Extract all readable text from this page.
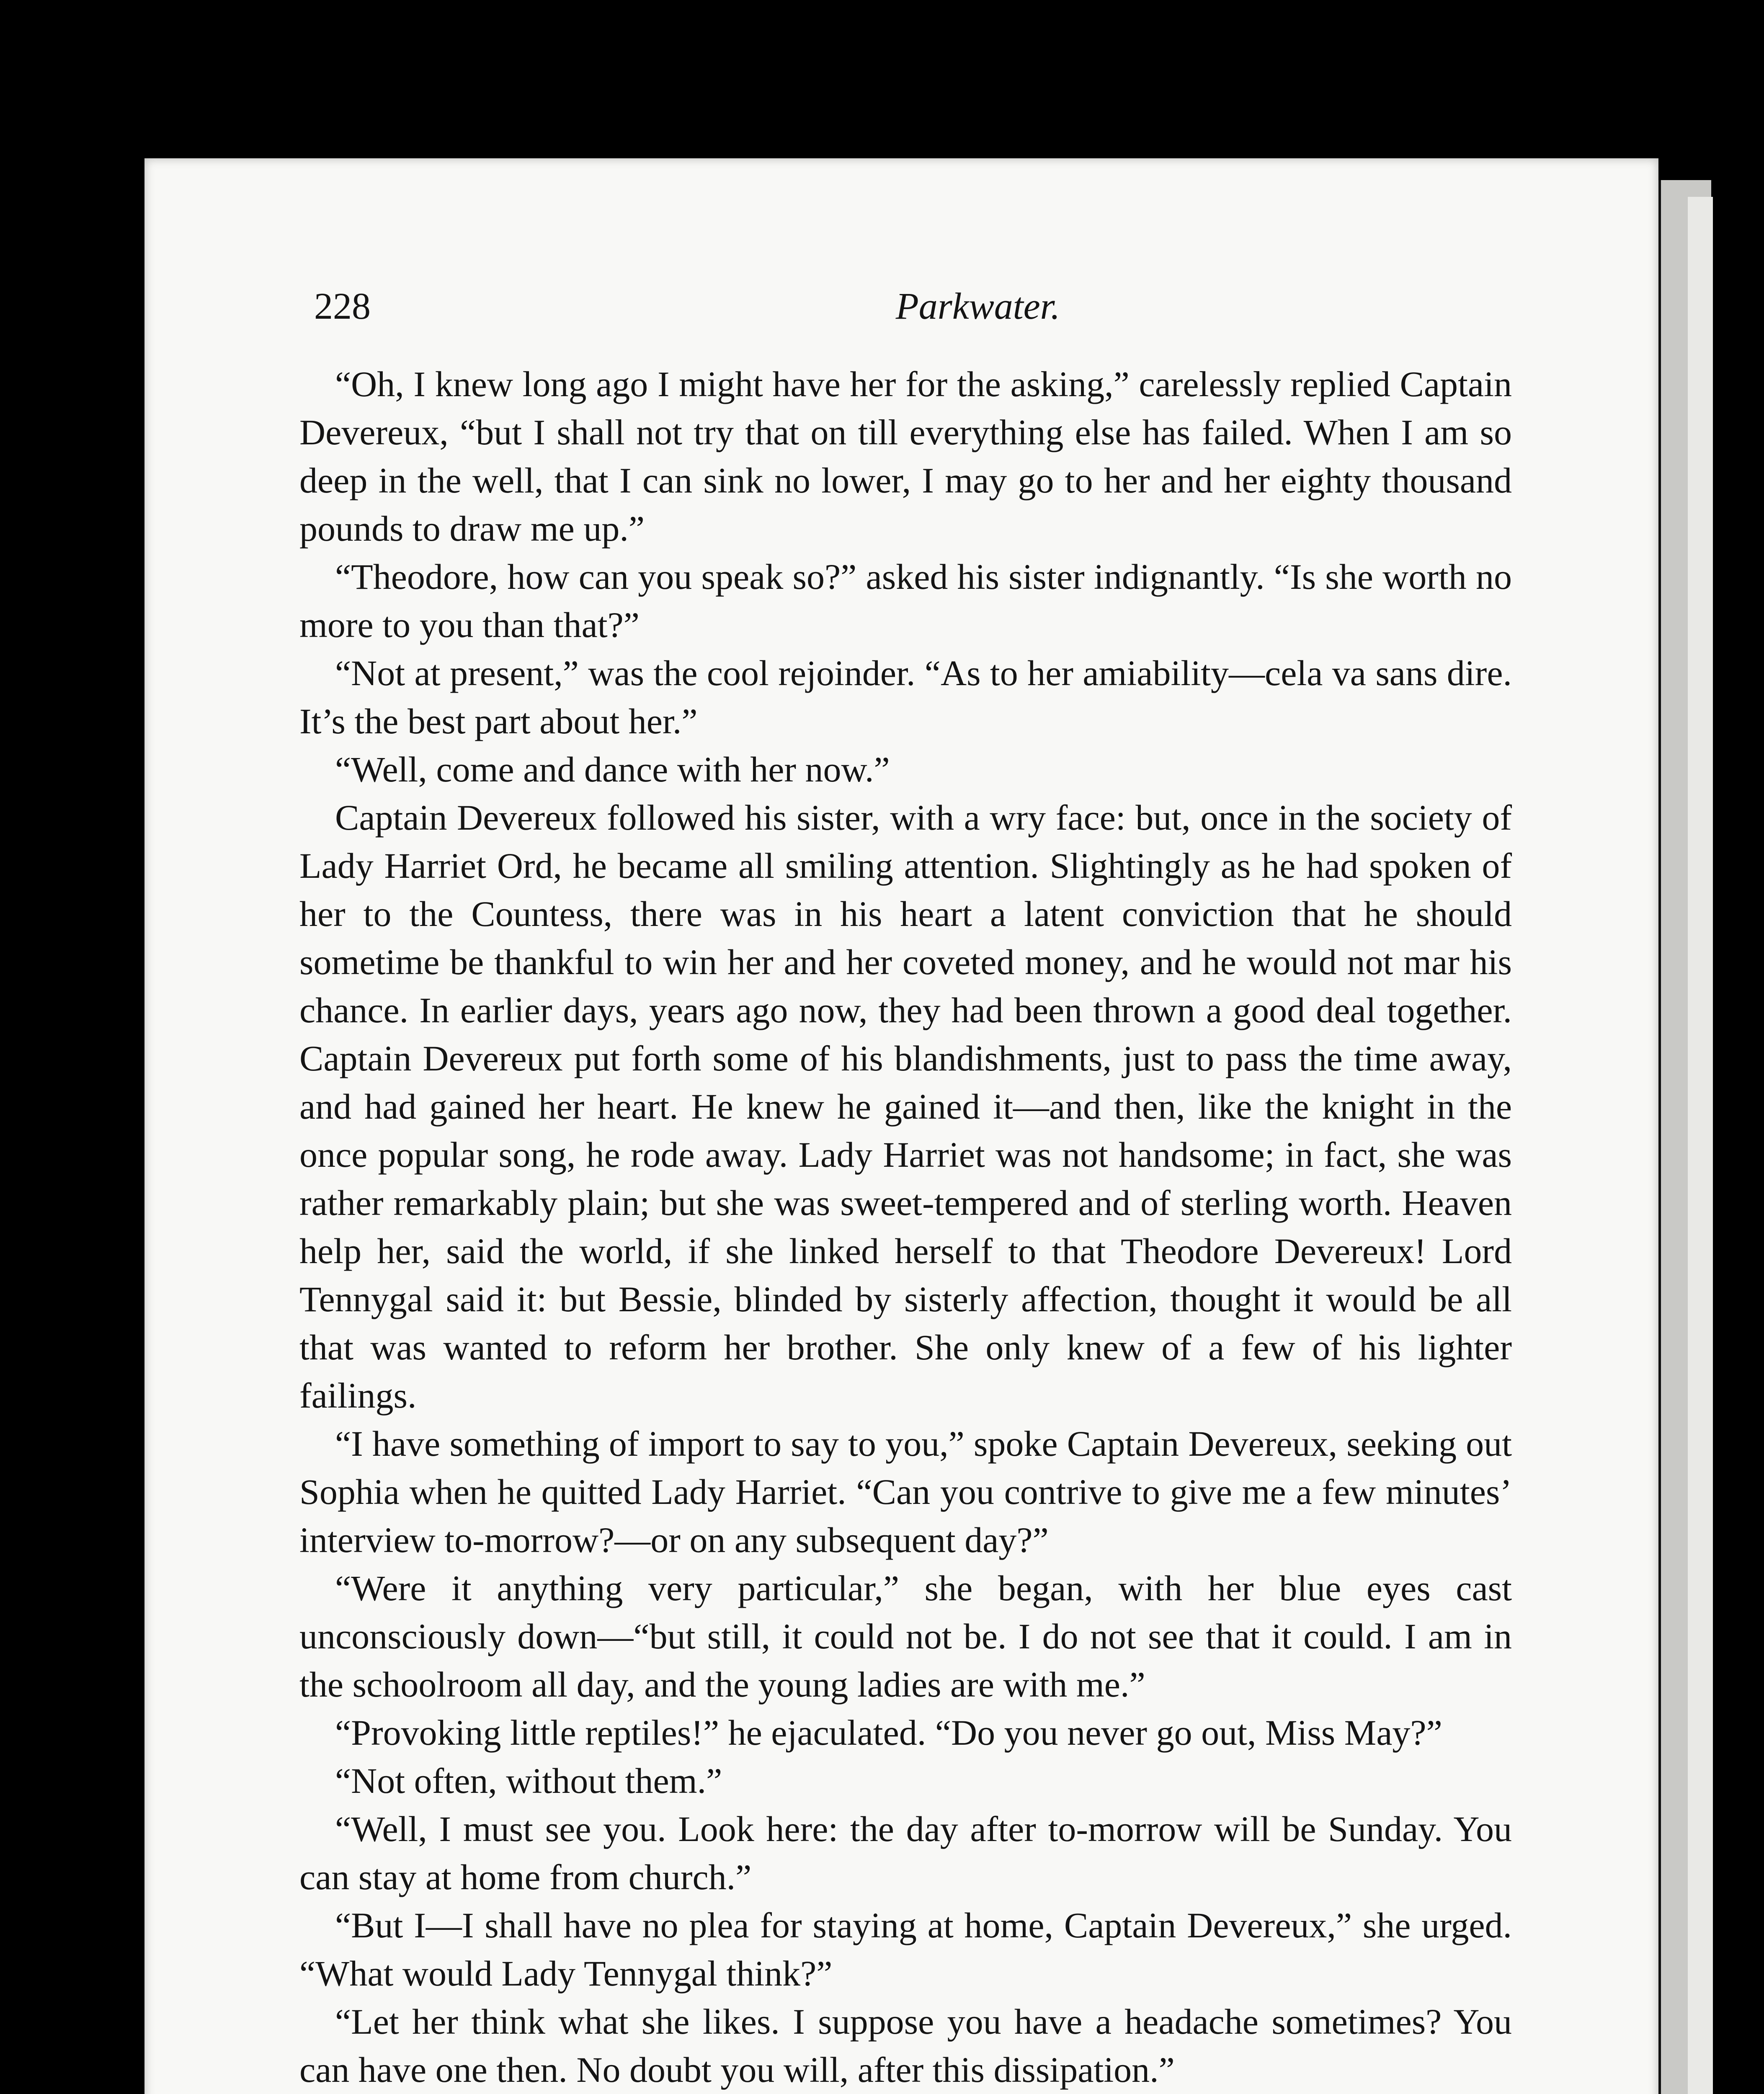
228	Parkwater.

“Oh, I knew long ago I might have her for the asking,” carelessly replied Captain Devereux, “but I shall not try that on till everything else has failed. When I am so deep in the well, that I can sink no lower, I may go to her and her eighty thousand pounds to draw me up.”

“Theodore, how can you speak so?” asked his sister indignantly. “Is she worth no more to you than that?”

“Not at present,” was the cool rejoinder. “As to her amiability—cela va sans dire. It’s the best part about her.”

“Well, come and dance with her now.”

Captain Devereux followed his sister, with a wry face: but, once in the society of Lady Harriet Ord, he became all smiling attention. Slightingly as he had spoken of her to the Countess, there was in his heart a latent conviction that he should sometime be thankful to win her and her coveted money, and he would not mar his chance. In earlier days, years ago now, they had been thrown a good deal together. Captain Devereux put forth some of his blandishments, just to pass the time away, and had gained her heart. He knew he gained it—and then, like the knight in the once popular song, he rode away. Lady Harriet was not handsome; in fact, she was rather remarkably plain; but she was sweet-tempered and of sterling worth. Heaven help her, said the world, if she linked herself to that Theodore Devereux! Lord Tennygal said it: but Bessie, blinded by sisterly affection, thought it would be all that was wanted to reform her brother. She only knew of a few of his lighter failings.

“I have something of import to say to you,” spoke Captain Devereux, seeking out Sophia when he quitted Lady Harriet. “Can you contrive to give me a few minutes’ interview to-morrow?—or on any subsequent day?”

“Were it anything very particular,” she began, with her blue eyes cast unconsciously down—“but still, it could not be. I do not see that it could. I am in the schoolroom all day, and the young ladies are with me.”

“Provoking little reptiles!” he ejaculated. “Do you never go out, Miss May?”

“Not often, without them.”

“Well, I must see you. Look here: the day after to-morrow will be Sunday. You can stay at home from church.”

“But I—I shall have no plea for staying at home, Captain Devereux,” she urged. “What would Lady Tennygal think?”

“Let her think what she likes. I suppose you have a headache sometimes? You can have one then. No doubt you will, after this dissipation.”
